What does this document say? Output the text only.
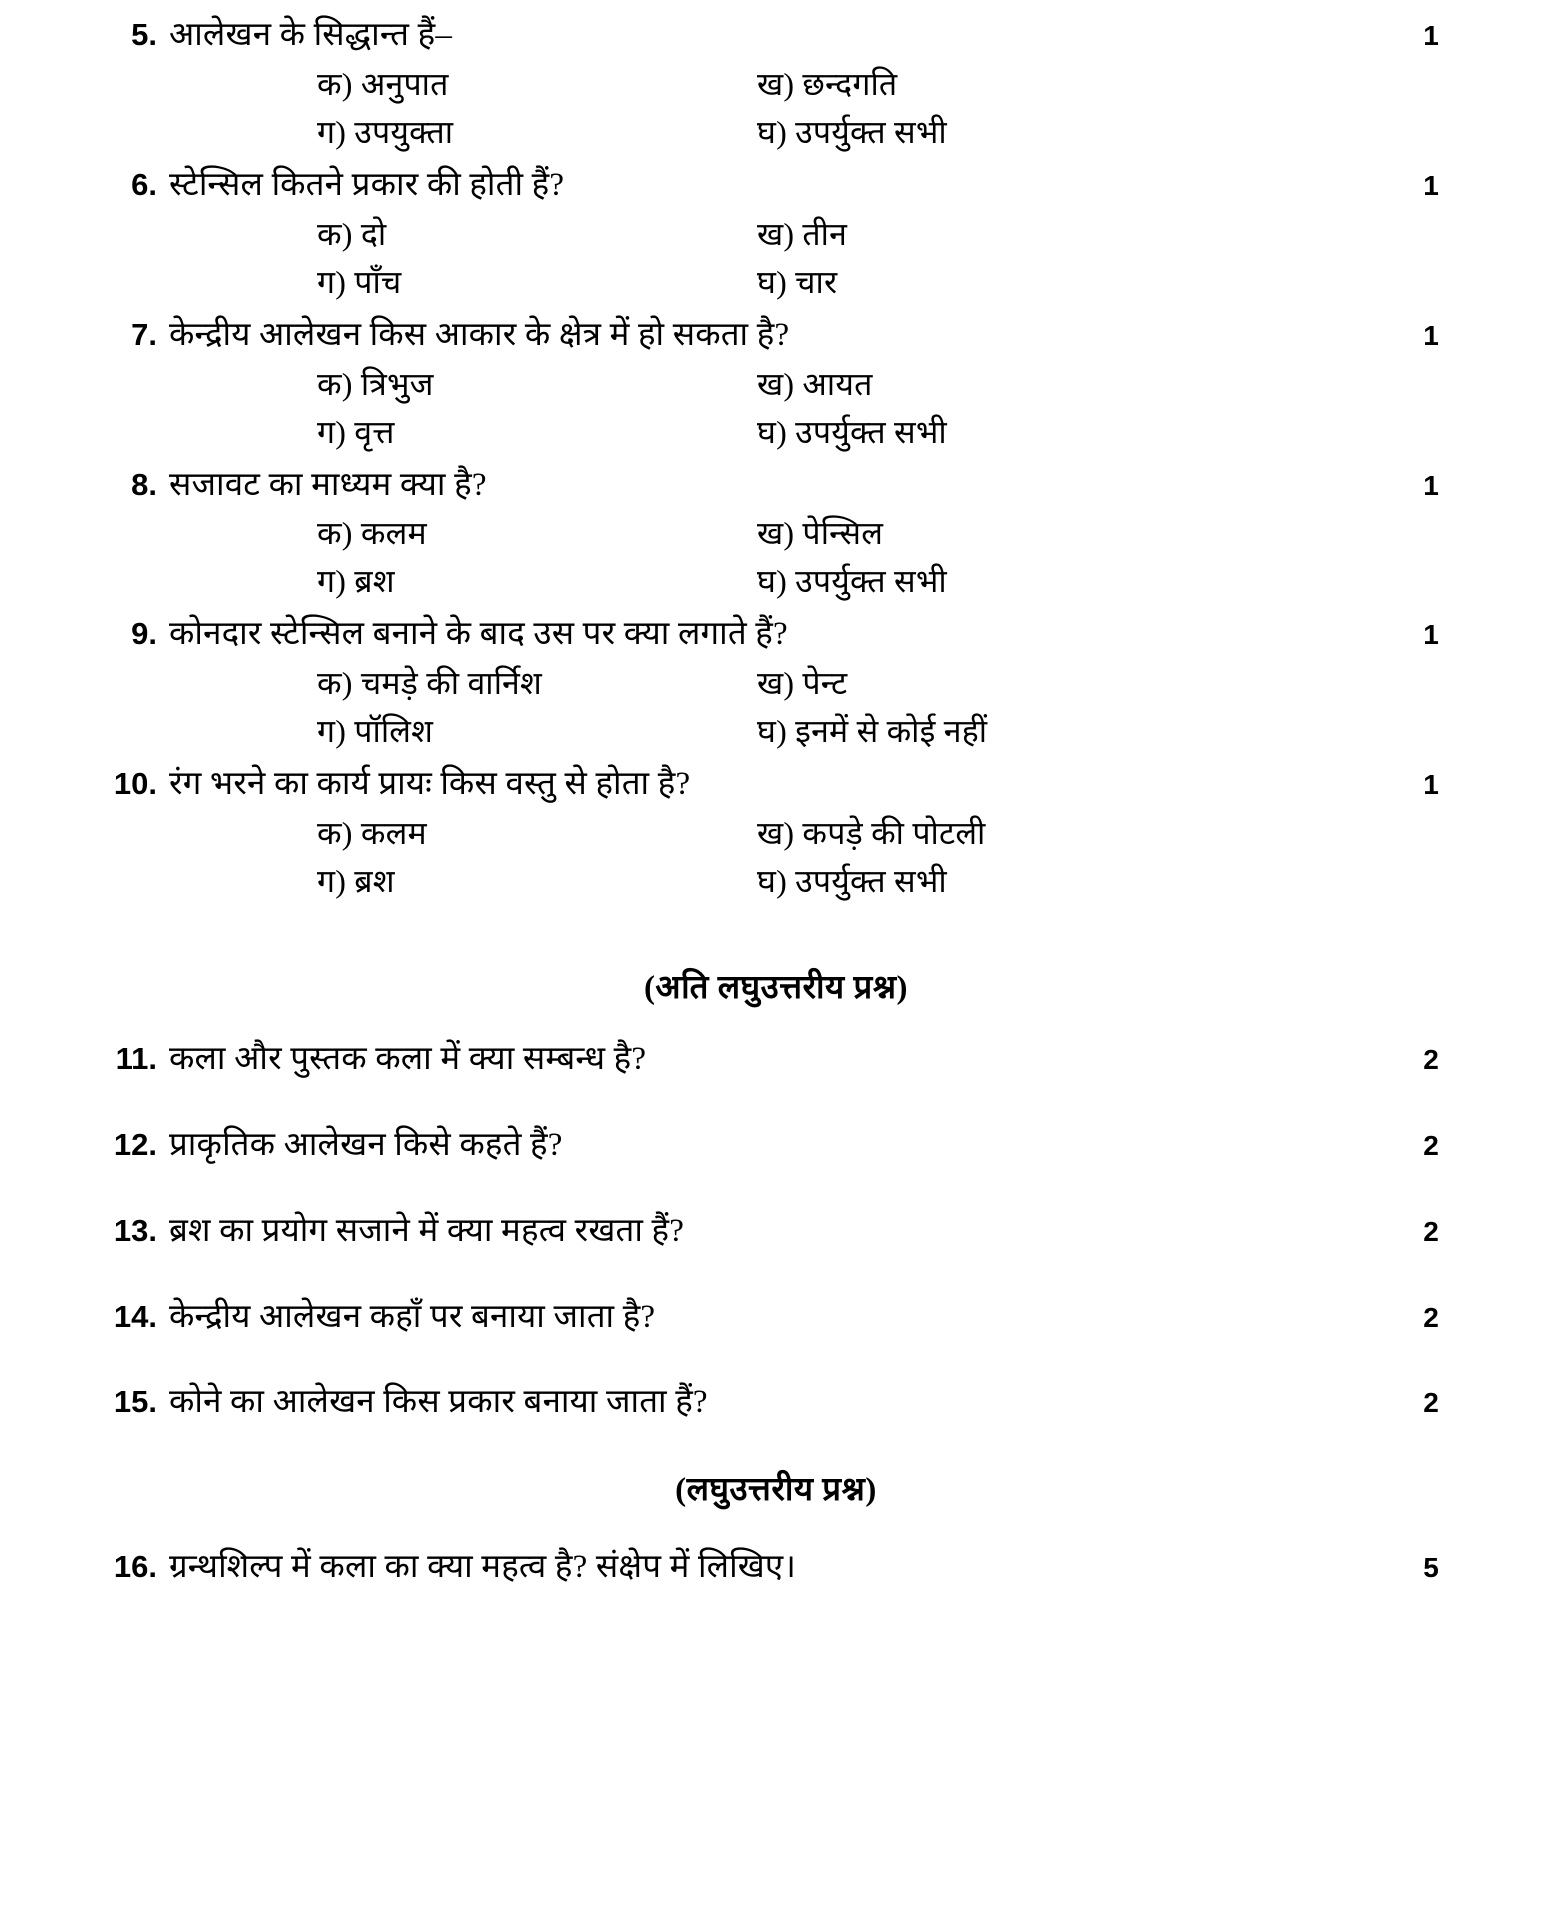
5. आलेखन के सिद्धान्त हैं–	1
क) अनुपात	ख) छन्दगति
ग) उपयुक्ता	घ) उपर्युक्त सभी
6. स्टेन्सिल कितने प्रकार की होती हैं?	1
क) दो	ख) तीन
ग) पाँच	घ) चार
7. केन्द्रीय आलेखन किस आकार के क्षेत्र में हो सकता है?	1
क) त्रिभुज	ख) आयत
ग) वृत्त	घ) उपर्युक्त सभी
8. सजावट का माध्यम क्या है?	1
क) कलम	ख) पेन्सिल
ग) ब्रश	घ) उपर्युक्त सभी
9. कोनदार स्टेन्सिल बनाने के बाद उस पर क्या लगाते हैं?	1
क) चमड़े की वार्निश	ख) पेन्ट
ग) पॉलिश	घ) इनमें से कोई नहीं
10. रंग भरने का कार्य प्रायः किस वस्तु से होता है?	1
क) कलम	ख) कपड़े की पोटली
ग) ब्रश	घ) उपर्युक्त सभी
(अति लघुउत्तरीय प्रश्न)
11. कला और पुस्तक कला में क्या सम्बन्ध है?	2
12. प्राकृतिक आलेखन किसे कहते हैं?	2
13. ब्रश का प्रयोग सजाने में क्या महत्व रखता हैं?	2
14. केन्द्रीय आलेखन कहाँ पर बनाया जाता है?	2
15. कोने का आलेखन किस प्रकार बनाया जाता हैं?	2
(लघुउत्तरीय प्रश्न)
16. ग्रन्थशिल्प में कला का क्या महत्व है? संक्षेप में लिखिए।	5
